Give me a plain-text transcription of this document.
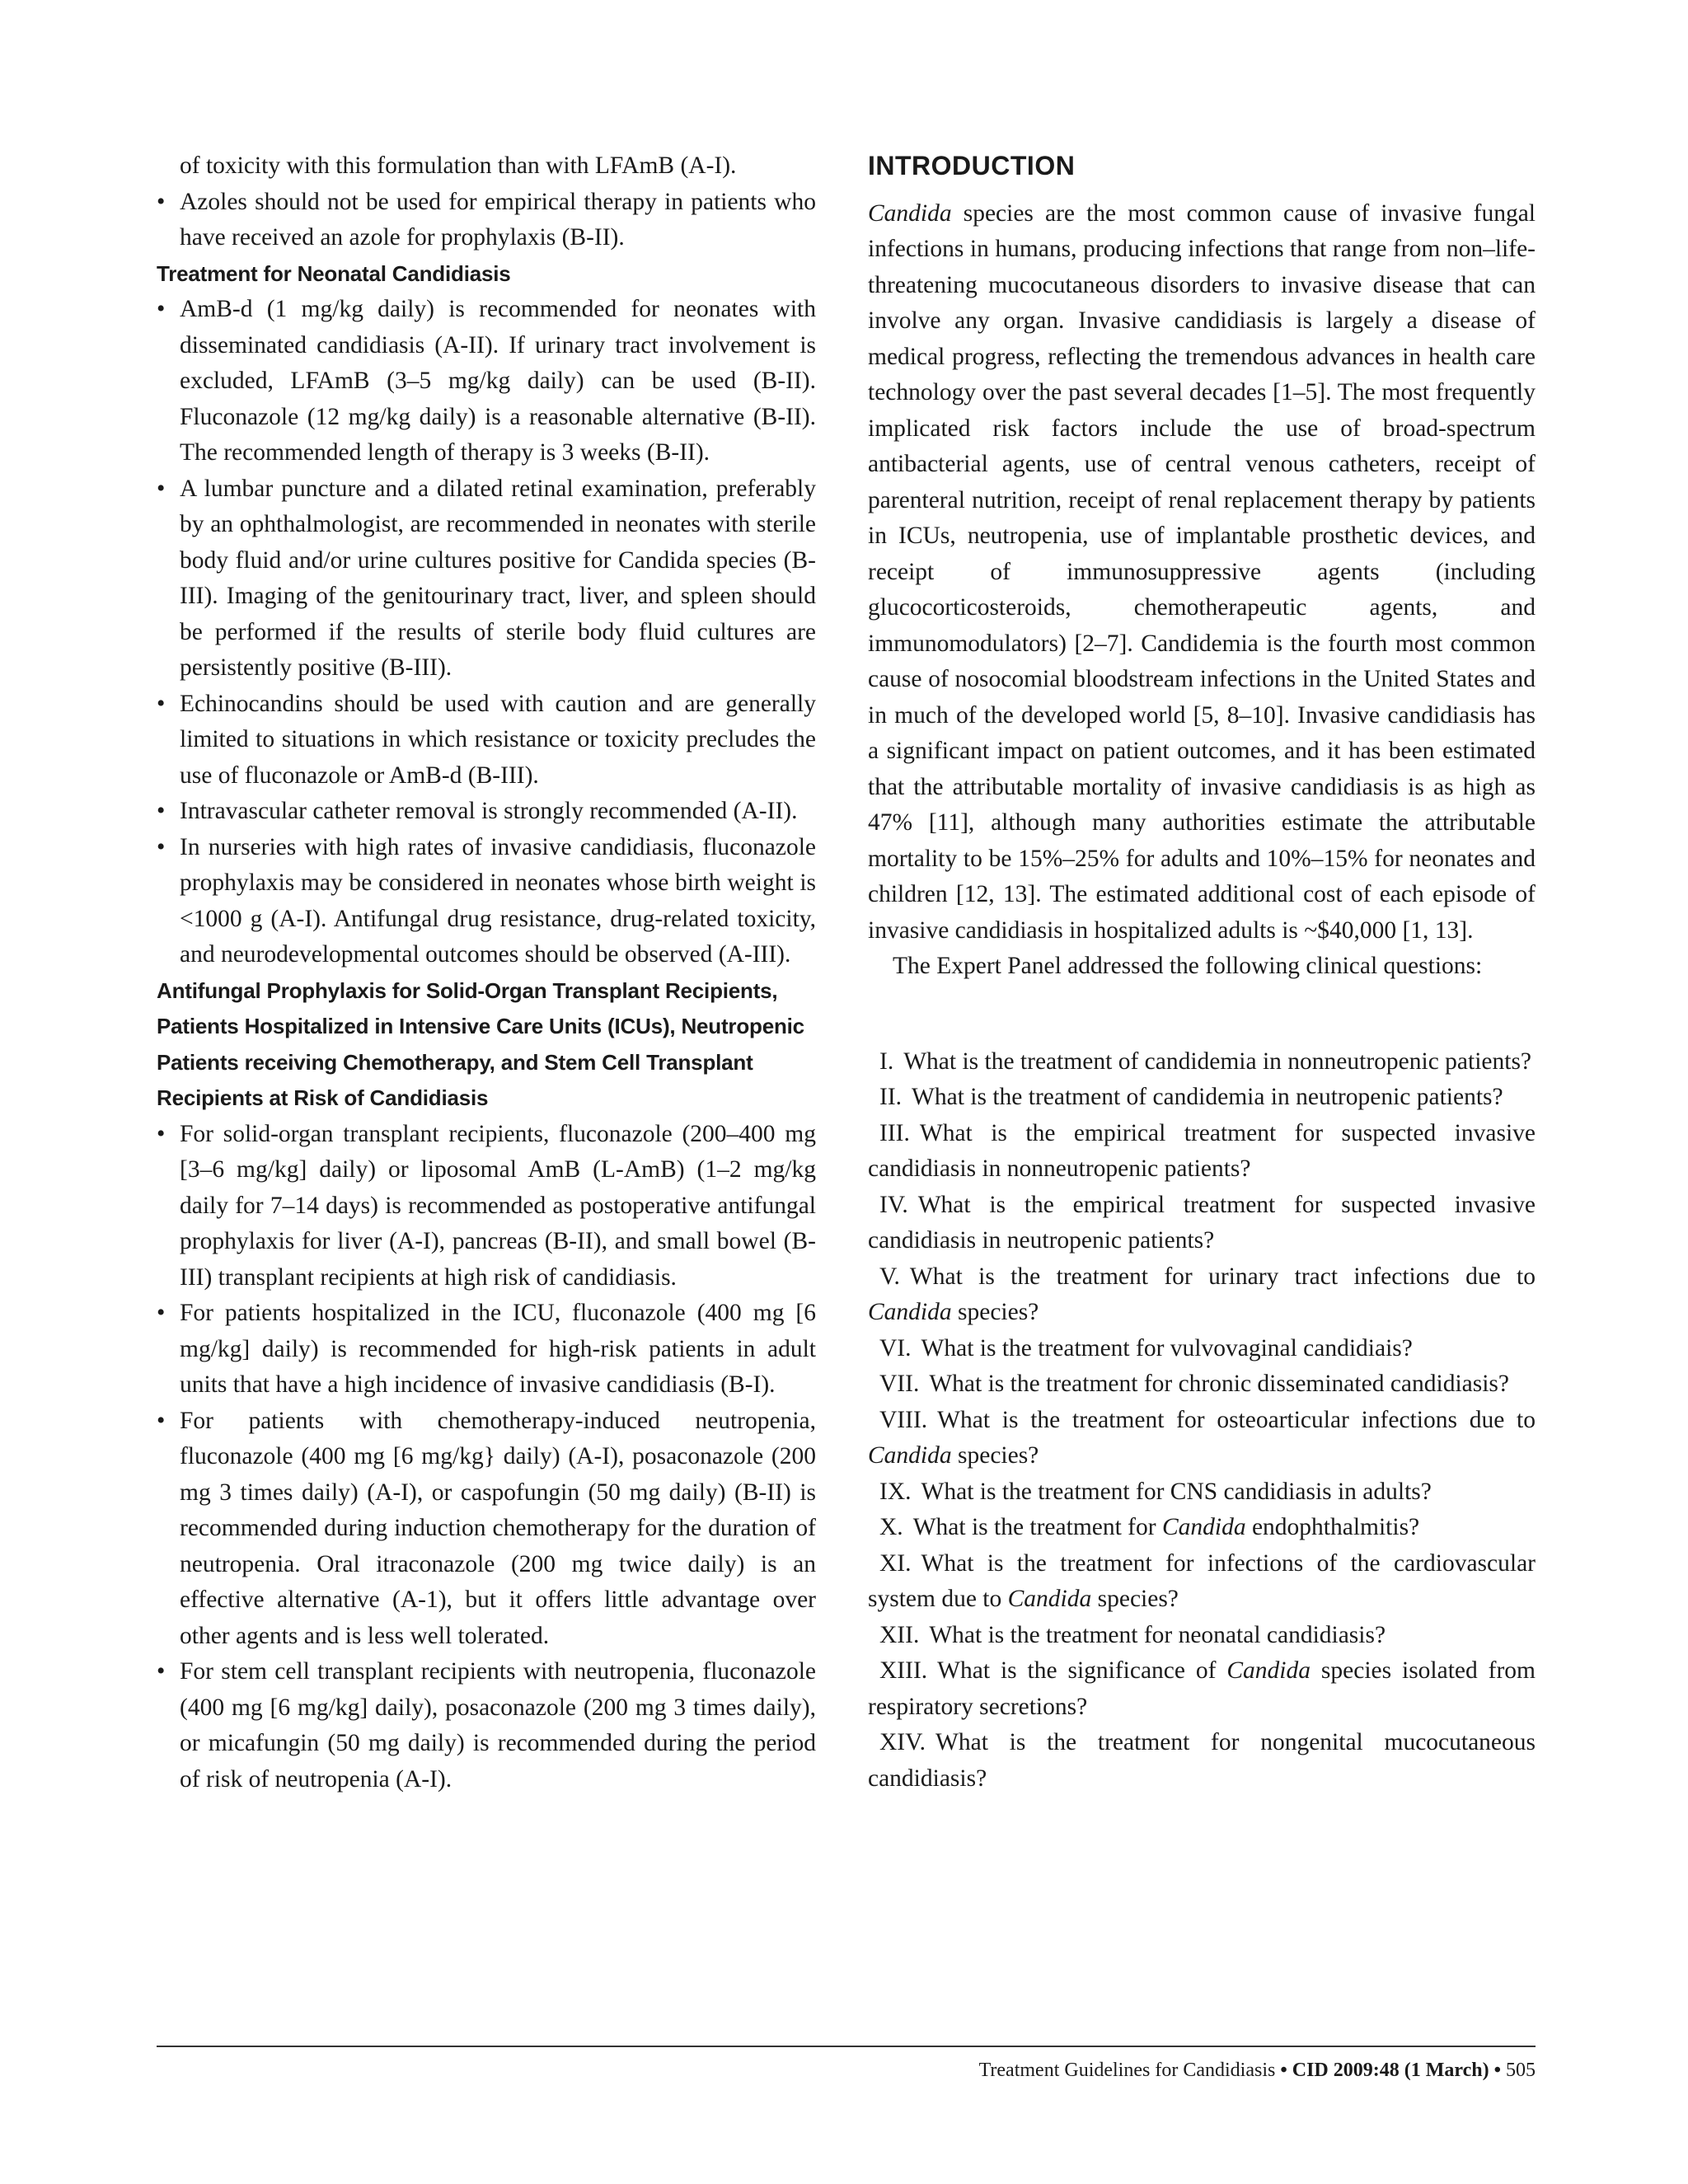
of toxicity with this formulation than with LFAmB (A-I).

• Azoles should not be used for empirical therapy in patients who have received an azole for prophylaxis (B-II).
Treatment for Neonatal Candidiasis
• AmB-d (1 mg/kg daily) is recommended for neonates with disseminated candidiasis (A-II). If urinary tract involvement is excluded, LFAmB (3–5 mg/kg daily) can be used (B-II). Fluconazole (12 mg/kg daily) is a reasonable alternative (B-II). The recommended length of therapy is 3 weeks (B-II).
• A lumbar puncture and a dilated retinal examination, preferably by an ophthalmologist, are recommended in neonates with sterile body fluid and/or urine cultures positive for Candida species (B-III). Imaging of the genitourinary tract, liver, and spleen should be performed if the results of sterile body fluid cultures are persistently positive (B-III).
• Echinocandins should be used with caution and are generally limited to situations in which resistance or toxicity precludes the use of fluconazole or AmB-d (B-III).
• Intravascular catheter removal is strongly recommended (A-II).
• In nurseries with high rates of invasive candidiasis, fluconazole prophylaxis may be considered in neonates whose birth weight is <1000 g (A-I). Antifungal drug resistance, drug-related toxicity, and neurodevelopmental outcomes should be observed (A-III).
Antifungal Prophylaxis for Solid-Organ Transplant Recipients, Patients Hospitalized in Intensive Care Units (ICUs), Neutropenic Patients receiving Chemotherapy, and Stem Cell Transplant Recipients at Risk of Candidiasis
• For solid-organ transplant recipients, fluconazole (200–400 mg [3–6 mg/kg] daily) or liposomal AmB (L-AmB) (1–2 mg/kg daily for 7–14 days) is recommended as postoperative antifungal prophylaxis for liver (A-I), pancreas (B-II), and small bowel (B-III) transplant recipients at high risk of candidiasis.
• For patients hospitalized in the ICU, fluconazole (400 mg [6 mg/kg] daily) is recommended for high-risk patients in adult units that have a high incidence of invasive candidiasis (B-I).
• For patients with chemotherapy-induced neutropenia, fluconazole (400 mg [6 mg/kg} daily) (A-I), posaconazole (200 mg 3 times daily) (A-I), or caspofungin (50 mg daily) (B-II) is recommended during induction chemotherapy for the duration of neutropenia. Oral itraconazole (200 mg twice daily) is an effective alternative (A-1), but it offers little advantage over other agents and is less well tolerated.
• For stem cell transplant recipients with neutropenia, fluconazole (400 mg [6 mg/kg] daily), posaconazole (200 mg 3 times daily), or micafungin (50 mg daily) is recommended during the period of risk of neutropenia (A-I).
INTRODUCTION

Candida species are the most common cause of invasive fungal infections in humans, producing infections that range from non–life-threatening mucocutaneous disorders to invasive disease that can involve any organ. Invasive candidiasis is largely a disease of medical progress, reflecting the tremendous advances in health care technology over the past several decades [1–5]. The most frequently implicated risk factors include the use of broad-spectrum antibacterial agents, use of central venous catheters, receipt of parenteral nutrition, receipt of renal replacement therapy by patients in ICUs, neutropenia, use of implantable prosthetic devices, and receipt of immunosuppressive agents (including glucocorticosteroids, chemotherapeutic agents, and immunomodulators) [2–7]. Candidemia is the fourth most common cause of nosocomial bloodstream infections in the United States and in much of the developed world [5, 8–10]. Invasive candidiasis has a significant impact on patient outcomes, and it has been estimated that the attributable mortality of invasive candidiasis is as high as 47% [11], although many authorities estimate the attributable mortality to be 15%–25% for adults and 10%–15% for neonates and children [12, 13]. The estimated additional cost of each episode of invasive candidiasis in hospitalized adults is ~$40,000 [1, 13].

The Expert Panel addressed the following clinical questions:

I. What is the treatment of candidemia in nonneutropenic patients?
II. What is the treatment of candidemia in neutropenic patients?
III. What is the empirical treatment for suspected invasive candidiasis in nonneutropenic patients?
IV. What is the empirical treatment for suspected invasive candidiasis in neutropenic patients?
V. What is the treatment for urinary tract infections due to Candida species?
VI. What is the treatment for vulvovaginal candidiais?
VII. What is the treatment for chronic disseminated candidiasis?
VIII. What is the treatment for osteoarticular infections due to Candida species?
IX. What is the treatment for CNS candidiasis in adults?
X. What is the treatment for Candida endophthalmitis?
XI. What is the treatment for infections of the cardiovascular system due to Candida species?
XII. What is the treatment for neonatal candidiasis?
XIII. What is the significance of Candida species isolated from respiratory secretions?
XIV. What is the treatment for nongenital mucocutaneous candidiasis?
Treatment Guidelines for Candidiasis • CID 2009:48 (1 March) • 505
